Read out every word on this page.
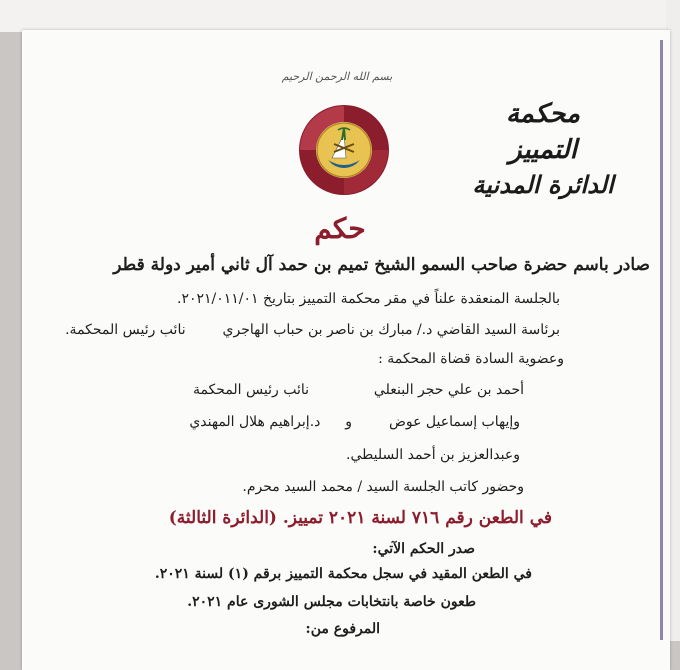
بسم الله الرحمن الرحيم
محكمة التمييز
الدائرة المدنية
حكم
صادر باسم حضرة صاحب السمو الشيخ تميم بن حمد آل ثاني أمير دولة قطر
بالجلسة المنعقدة علناً في مقر محكمة التمييز بتاريخ ٢٠٢١/٠١١/٠١.
برئاسة السيد القاضي د./ مبارك بن ناصر بن حباب الهاجري  نائب رئيس المحكمة.
وعضوية السادة قضاة المحكمة :
أحمد بن علي حجر البنعلي  نائب رئيس المحكمة
وإيهاب إسماعيل عوض  و  د.إبراهيم هلال المهندي
وعبدالعزيز بن أحمد السليطي.
وحضور كاتب الجلسة السيد / محمد السيد محرم.
في الطعن رقم ٧١٦ لسنة ٢٠٢١ تمييز. (الدائرة الثالثة)
صدر الحكم الآتي:
في الطعن المقيد في سجل محكمة التمييز برقم (١) لسنة ٢٠٢١.
طعون خاصة بانتخابات مجلس الشورى عام ٢٠٢١.
المرفوع من:
